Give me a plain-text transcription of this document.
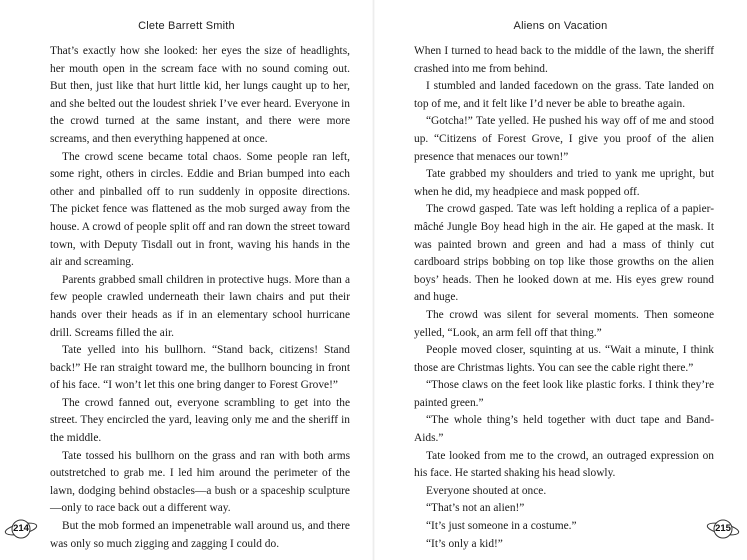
Clete Barrett Smith

That’s exactly how she looked: her eyes the size of headlights, her mouth open in the scream face with no sound coming out. But then, just like that hurt little kid, her lungs caught up to her, and she belted out the loudest shriek I’ve ever heard. Everyone in the crowd turned at the same instant, and there were more screams, and then everything happened at once.

The crowd scene became total chaos. Some people ran left, some right, others in circles. Eddie and Brian bumped into each other and pinballed off to run suddenly in opposite directions. The picket fence was flattened as the mob surged away from the house. A crowd of people split off and ran down the street toward town, with Deputy Tisdall out in front, waving his hands in the air and screaming.

Parents grabbed small children in protective hugs. More than a few people crawled underneath their lawn chairs and put their hands over their heads as if in an elementary school hurricane drill. Screams filled the air.

Tate yelled into his bullhorn. “Stand back, citizens! Stand back!” He ran straight toward me, the bullhorn bouncing in front of his face. “I won’t let this one bring danger to Forest Grove!”

The crowd fanned out, everyone scrambling to get into the street. They encircled the yard, leaving only me and the sheriff in the middle.

Tate tossed his bullhorn on the grass and ran with both arms outstretched to grab me. I led him around the perimeter of the lawn, dodging behind obstacles—a bush or a spaceship sculpture—only to race back out a different way.

But the mob formed an impenetrable wall around us, and there was only so much zigging and zagging I could do.

214
Aliens on Vacation

When I turned to head back to the middle of the lawn, the sheriff crashed into me from behind.

I stumbled and landed facedown on the grass. Tate landed on top of me, and it felt like I’d never be able to breathe again.

“Gotcha!” Tate yelled. He pushed his way off of me and stood up. “Citizens of Forest Grove, I give you proof of the alien presence that menaces our town!”

Tate grabbed my shoulders and tried to yank me upright, but when he did, my headpiece and mask popped off.

The crowd gasped. Tate was left holding a replica of a papier-mâché Jungle Boy head high in the air. He gaped at the mask. It was painted brown and green and had a mass of thinly cut cardboard strips bobbing on top like those growths on the alien boys’ heads. Then he looked down at me. His eyes grew round and huge.

The crowd was silent for several moments. Then someone yelled, “Look, an arm fell off that thing.”

People moved closer, squinting at us. “Wait a minute, I think those are Christmas lights. You can see the cable right there.”

“Those claws on the feet look like plastic forks. I think they’re painted green.”

“The whole thing’s held together with duct tape and Band-Aids.”

Tate looked from me to the crowd, an outraged expression on his face. He started shaking his head slowly.

Everyone shouted at once.

“That’s not an alien!”

“It’s just someone in a costume.”

“It’s only a kid!”

215
